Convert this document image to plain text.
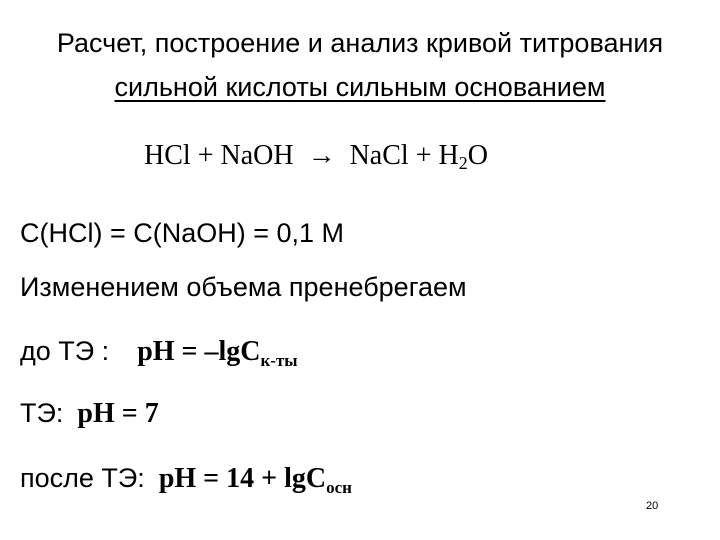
Расчет, построение и анализ кривой титрования
сильной кислоты сильным основанием
HCl + NaOH → NaCl + $H_2O$
C(HCl) = C(NaOH) = 0,1 M
Изменением объема пренебрегаем
до ТЭ : pH = –lgC$_{к-ты}$
ТЭ: pH = 7
после ТЭ: pH = 14 + lgC$_{осн}$
20
